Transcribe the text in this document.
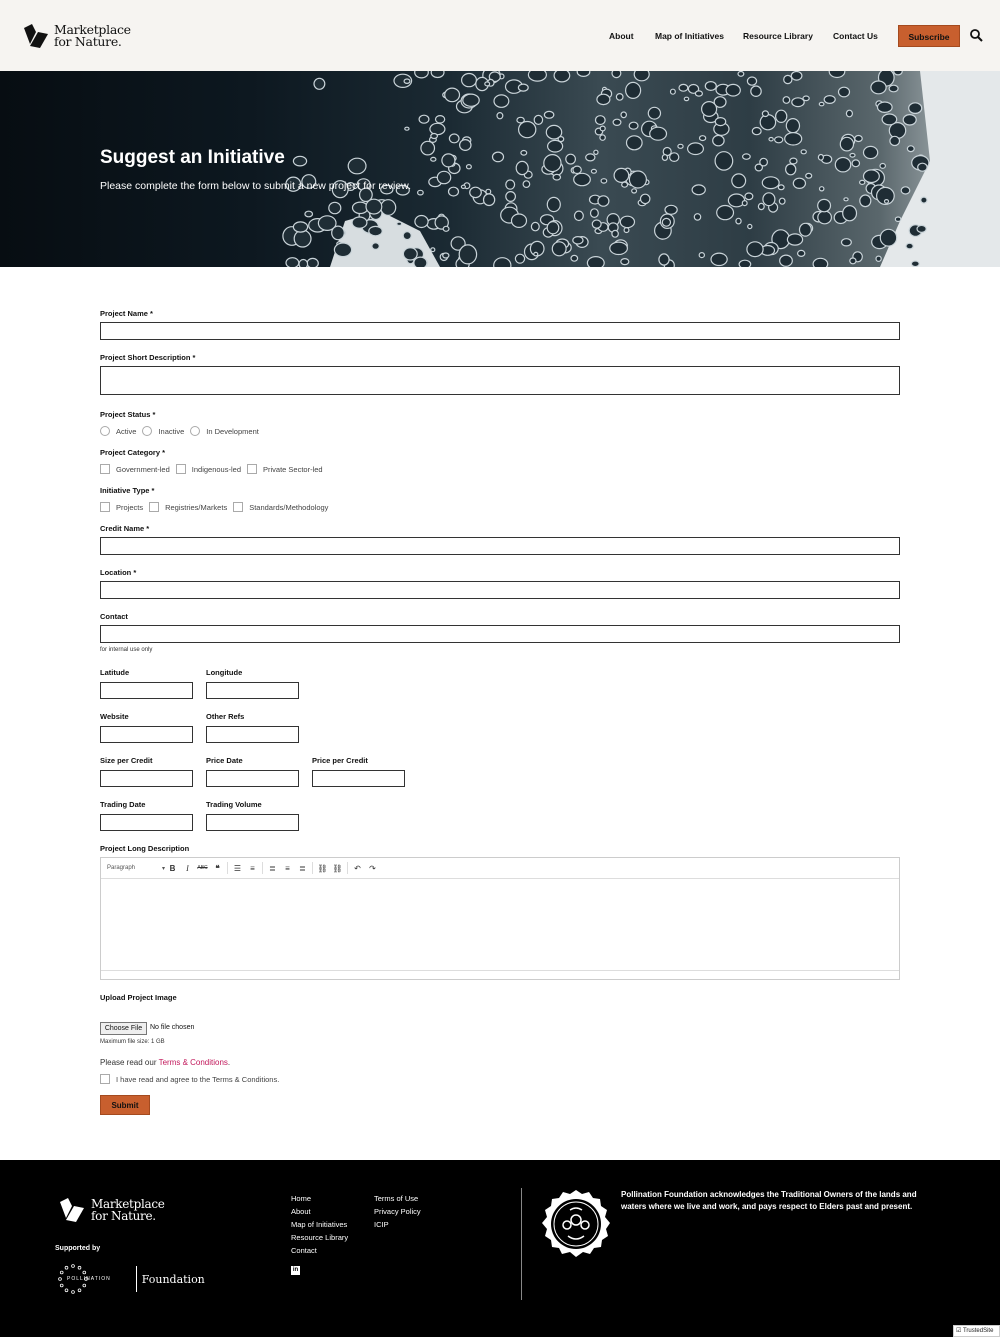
Marketplace
for Nature.	About	Map of Initiatives Resource Library Contact Us	Subscribe
Suggest an Initiative
Please complete the form below to submit a new project for review.
Project Name *
Project Short Description *
Project Status *
Active	Inactive	In Development
Project Category *
Government-led	Indigenous-led	Private Sector-led
Initiative Type *
Projects	Registries/Markets	Standards/Methodology
Credit Name *
Location *
Contact
for internal use only
Latitude	Longitude
Website	Other Refs
Size per Credit	Price Date	Price per Credit
Trading Date	Trading Volume
Project Long Description
Paragraph	▾ B	I	ABC ❝	☰	≡	≣	≡	≣	⛓ ⛓	↶	↷
Upload Project Image
Choose File	No file chosen
Maximum file size: 1 GB
Please read our Terms & Conditions.
I have read and agree to the Terms & Conditions.
Submit
Marketplace
for Nature.
Supported by
POLLINATION	Foundation
Home
About
Map of Initiatives
Resource Library
Contact
Terms of Use
Privacy Policy
ICIP
in
Pollination Foundation acknowledges the Traditional Owners of the lands and waters where we live and work, and pays respect to Elders past and present.
☑ TrustedSite
